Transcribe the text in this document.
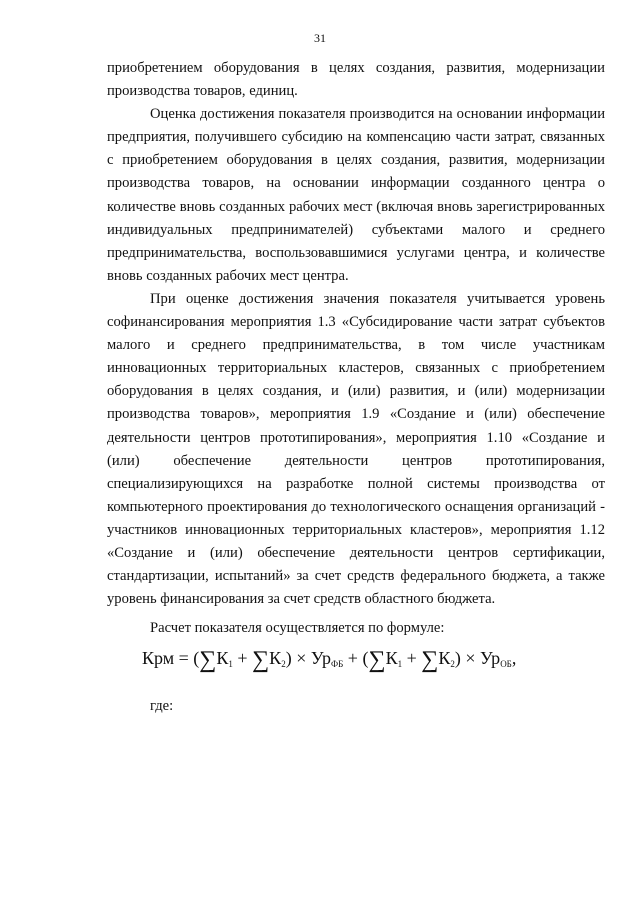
31

приобретением оборудования в целях создания, развития, модернизации производства товаров, единиц.

Оценка достижения показателя производится на основании информации предприятия, получившего субсидию на компенсацию части затрат, связанных с приобретением оборудования в целях создания, развития, модернизации производства товаров, на основании информации созданного центра о количестве вновь созданных рабочих мест (включая вновь зарегистрированных индивидуальных предпринимателей) субъектами малого и среднего предпринимательства, воспользовавшимися услугами центра, и количестве вновь созданных рабочих мест центра.

При оценке достижения значения показателя учитывается уровень софинансирования мероприятия 1.3 «Субсидирование части затрат субъектов малого и среднего предпринимательства, в том числе участникам инновационных территориальных кластеров, связанных с приобретением оборудования в целях создания, и (или) развития, и (или) модернизации производства товаров», мероприятия 1.9 «Создание и (или) обеспечение деятельности центров прототипирования», мероприятия 1.10 «Создание и (или) обеспечение деятельности центров прототипирования, специализирующихся на разработке полной системы производства от компьютерного проектирования до технологического оснащения организаций - участников инновационных территориальных кластеров», мероприятия 1.12 «Создание и (или) обеспечение деятельности центров сертификации, стандартизации, испытаний» за счет средств федерального бюджета, а также уровень финансирования за счет средств областного бюджета.

Расчет показателя осуществляется по формуле:

Крм = $(\sum К_1 + \sum К_2) \times Ур_{ФБ} + (\sum К_1 + \sum К_2) \times Ур_{ОБ}$,

где:
